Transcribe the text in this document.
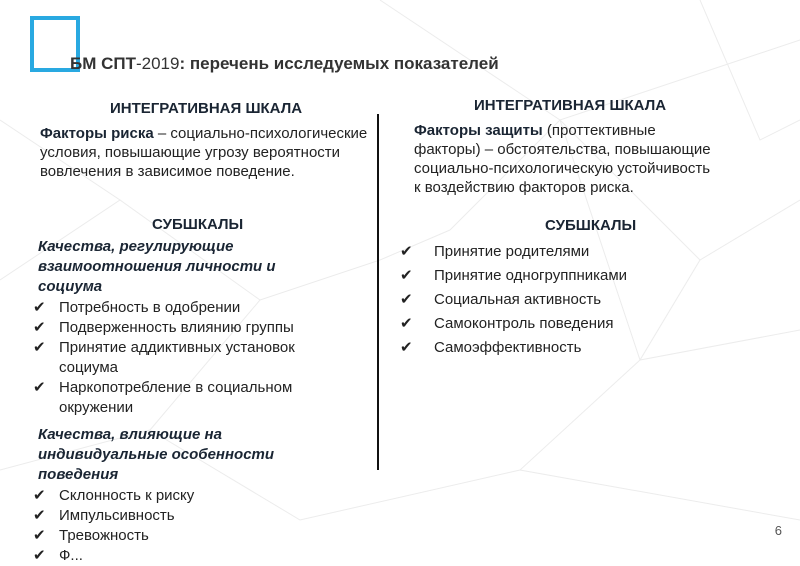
БМ СПТ-2019: перечень исследуемых показателей
ИНТЕГРАТИВНАЯ ШКАЛА
Факторы риска – социально-психологические условия, повышающие угрозу вероятности вовлечения в зависимое поведение.
СУБШКАЛЫ
Качества, регулирующие взаимоотношения личности и социума
✔ Потребность в одобрении
✔ Подверженность влиянию группы
✔ Принятие аддиктивных установок социума
✔ Наркопотребление в социальном окружении
Качества, влияющие на индивидуальные особенности поведения
✔ Склонность к риску
✔ Импульсивность
✔ Тревожность
✔ Ф...
ИНТЕГРАТИВНАЯ ШКАЛА
Факторы защиты (проттективные факторы) – обстоятельства, повышающие социально-психологическую устойчивость к воздействию факторов риска.
СУБШКАЛЫ
✔	Принятие родителями
✔	Принятие одногруппниками
✔	Социальная активность
✔	Самоконтроль поведения
✔	Самоэффективность
6
